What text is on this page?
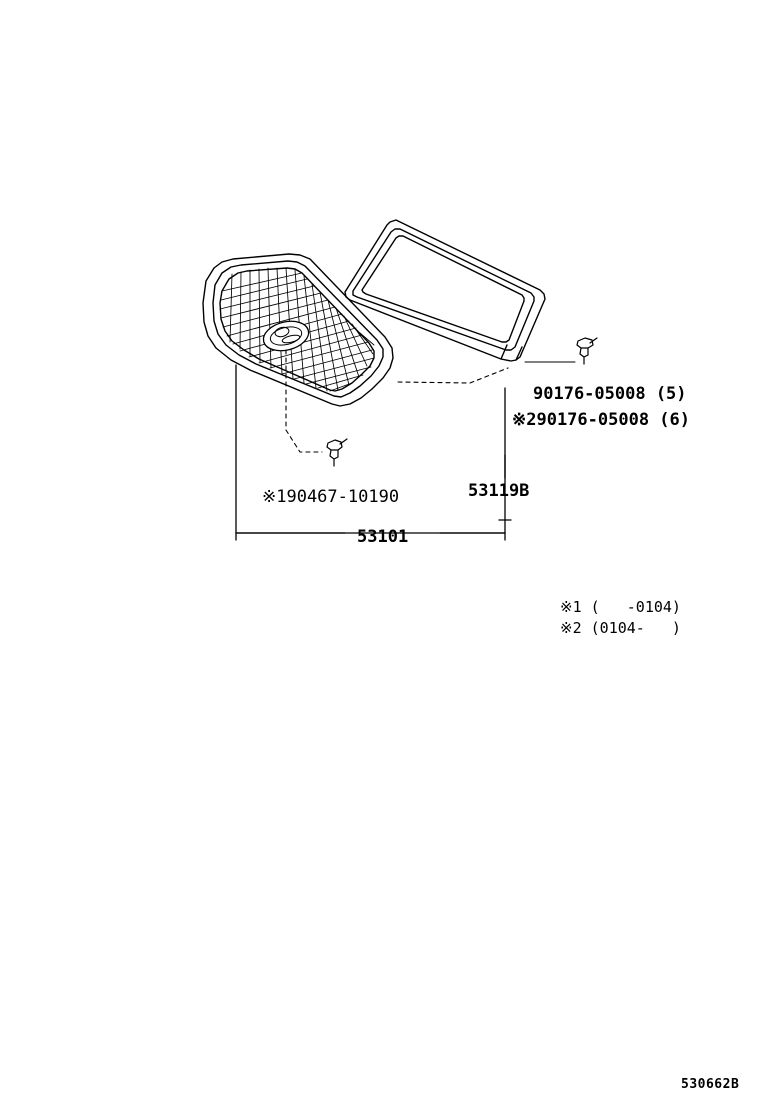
90176-05008 (5)
※290176-05008 (6)
※190467-10190	53119B
53101
※1 (   -0104)
※2 (0104-   )
530662B
